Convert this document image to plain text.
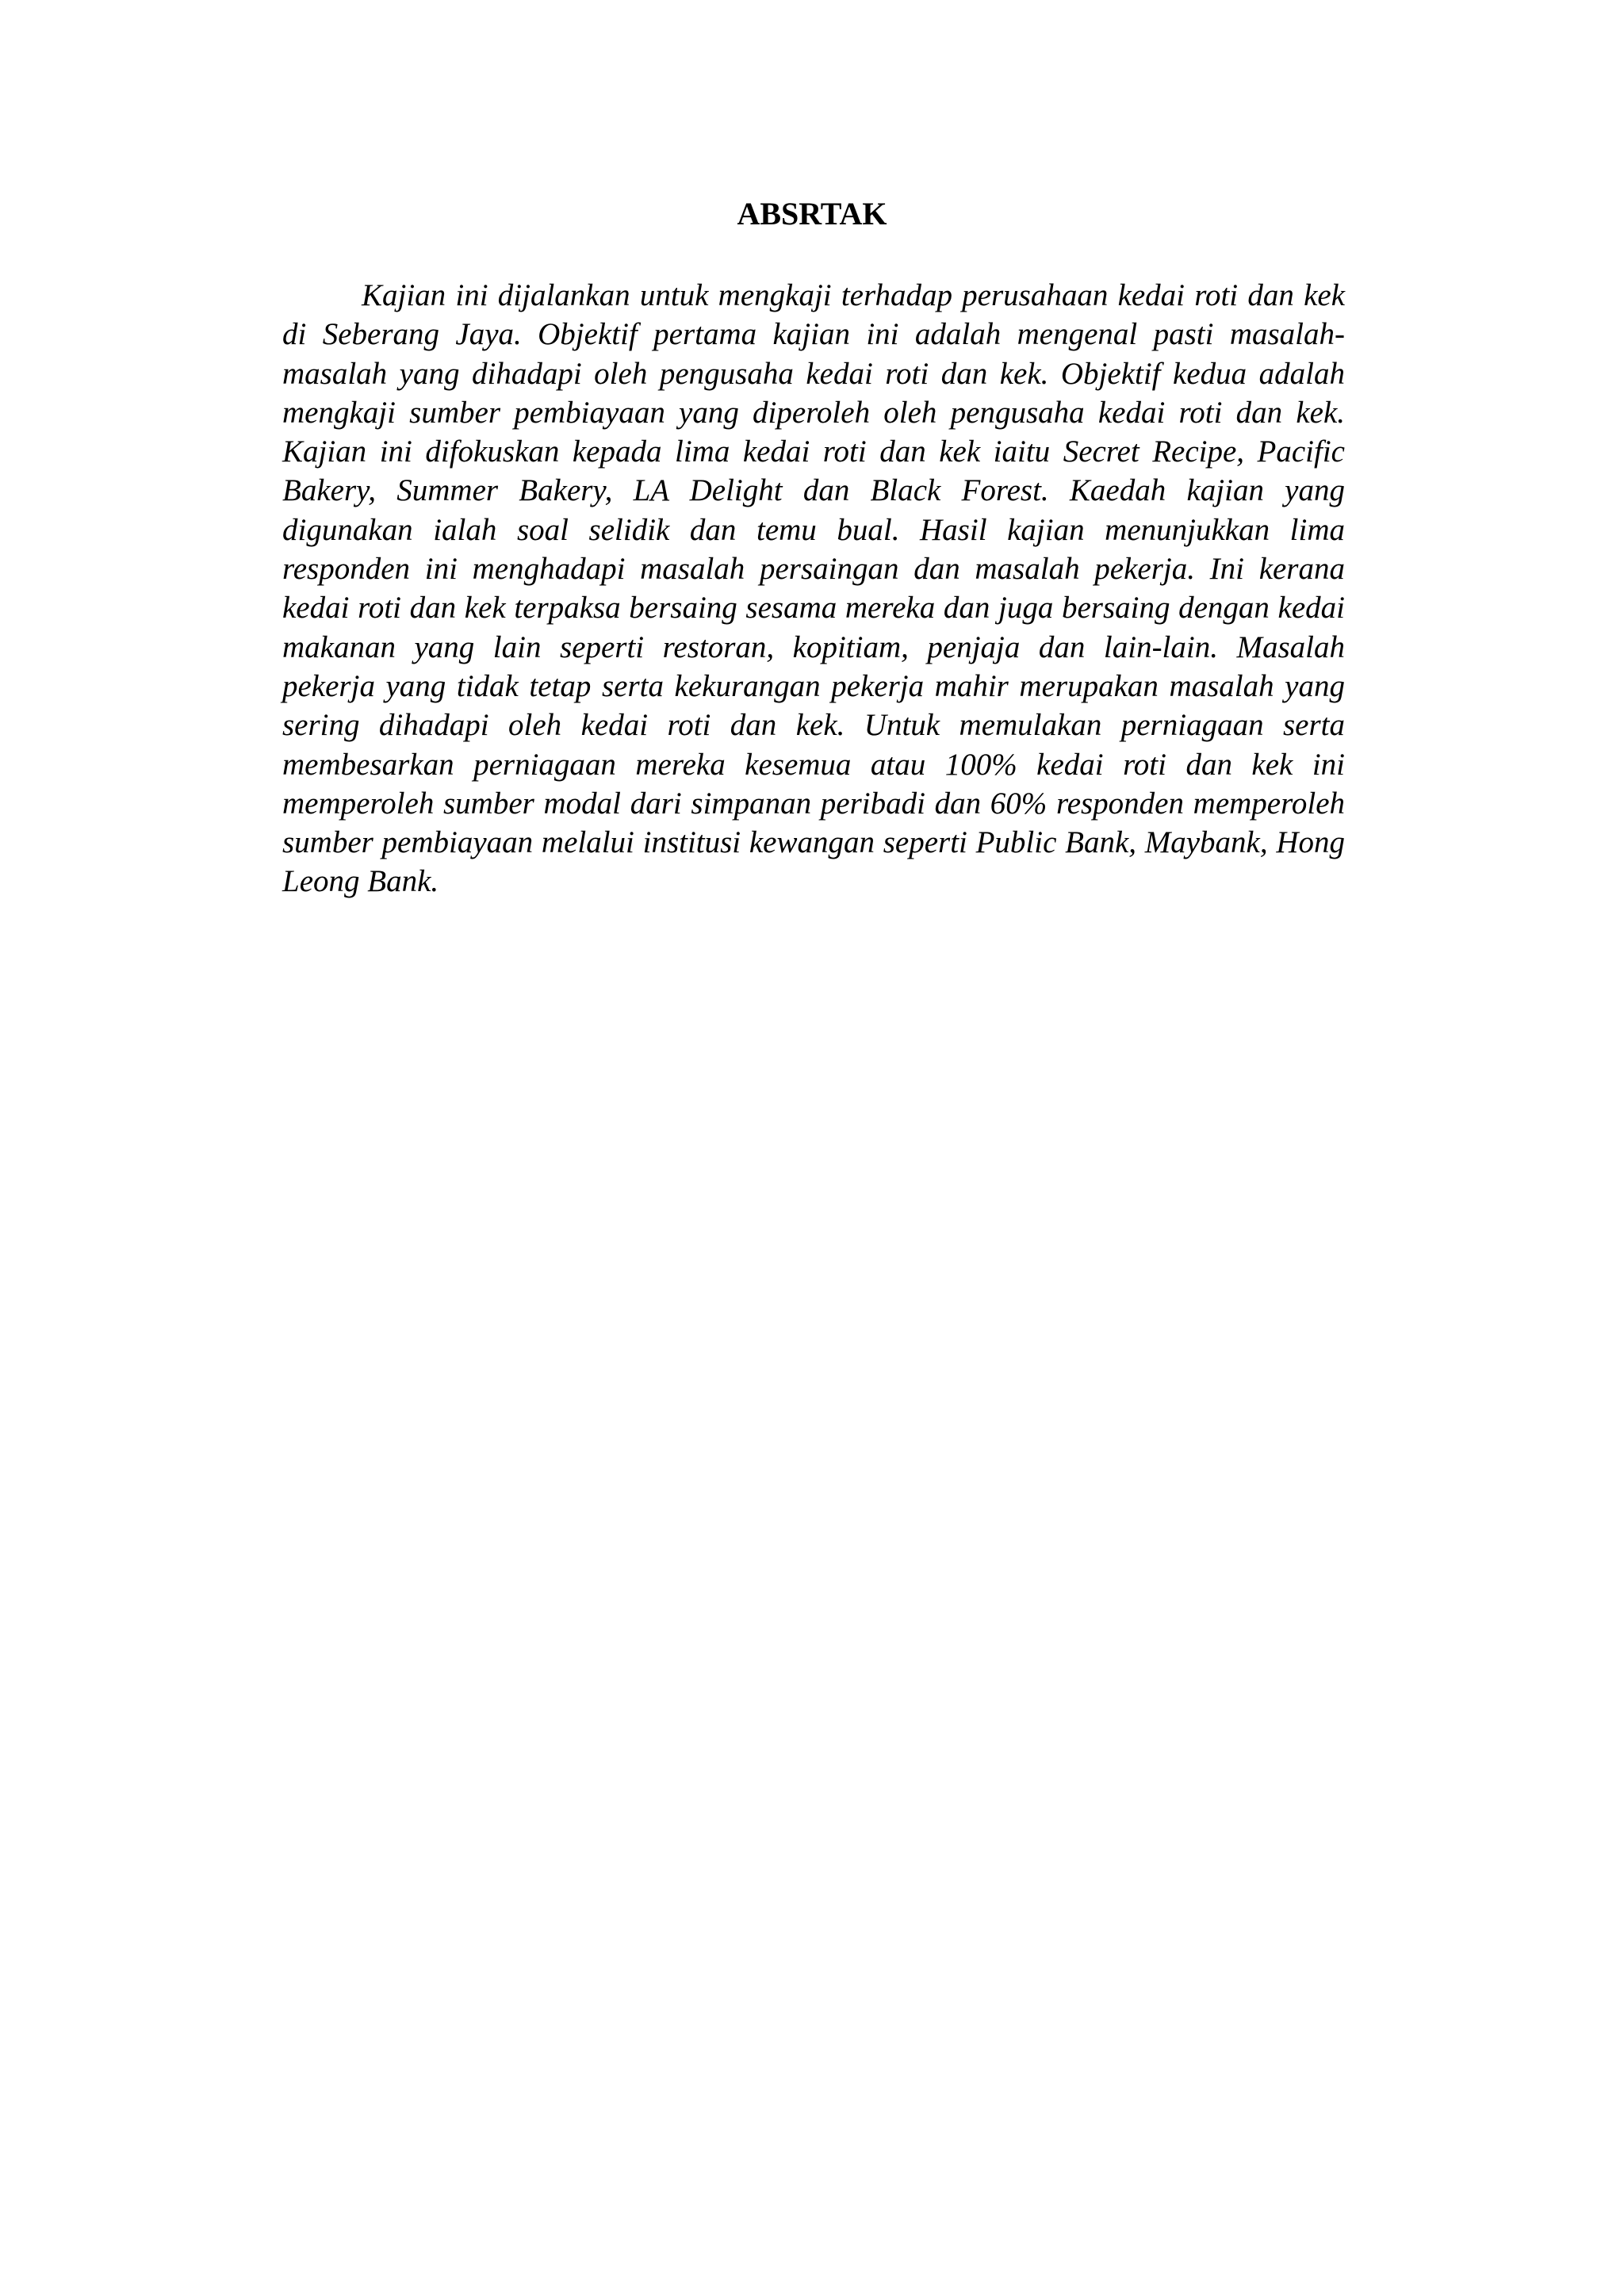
ABSRTAK

Kajian ini dijalankan untuk mengkaji terhadap perusahaan kedai roti dan kek di Seberang Jaya. Objektif pertama kajian ini adalah mengenal pasti masalah-masalah yang dihadapi oleh pengusaha kedai roti dan kek. Objektif kedua adalah mengkaji sumber pembiayaan yang diperoleh oleh pengusaha kedai roti dan kek. Kajian ini difokuskan kepada lima kedai roti dan kek iaitu Secret Recipe, Pacific Bakery, Summer Bakery, LA Delight dan Black Forest. Kaedah kajian yang digunakan ialah soal selidik dan temu bual. Hasil kajian menunjukkan lima responden ini menghadapi masalah persaingan dan masalah pekerja. Ini kerana kedai roti dan kek terpaksa bersaing sesama mereka dan juga bersaing dengan kedai makanan yang lain seperti restoran, kopitiam, penjaja dan lain-lain. Masalah pekerja yang tidak tetap serta kekurangan pekerja mahir merupakan masalah yang sering dihadapi oleh kedai roti dan kek. Untuk memulakan perniagaan serta membesarkan perniagaan mereka kesemua atau 100% kedai roti dan kek ini memperoleh sumber modal dari simpanan peribadi dan 60% responden memperoleh sumber pembiayaan melalui institusi kewangan seperti Public Bank, Maybank, Hong Leong Bank.
